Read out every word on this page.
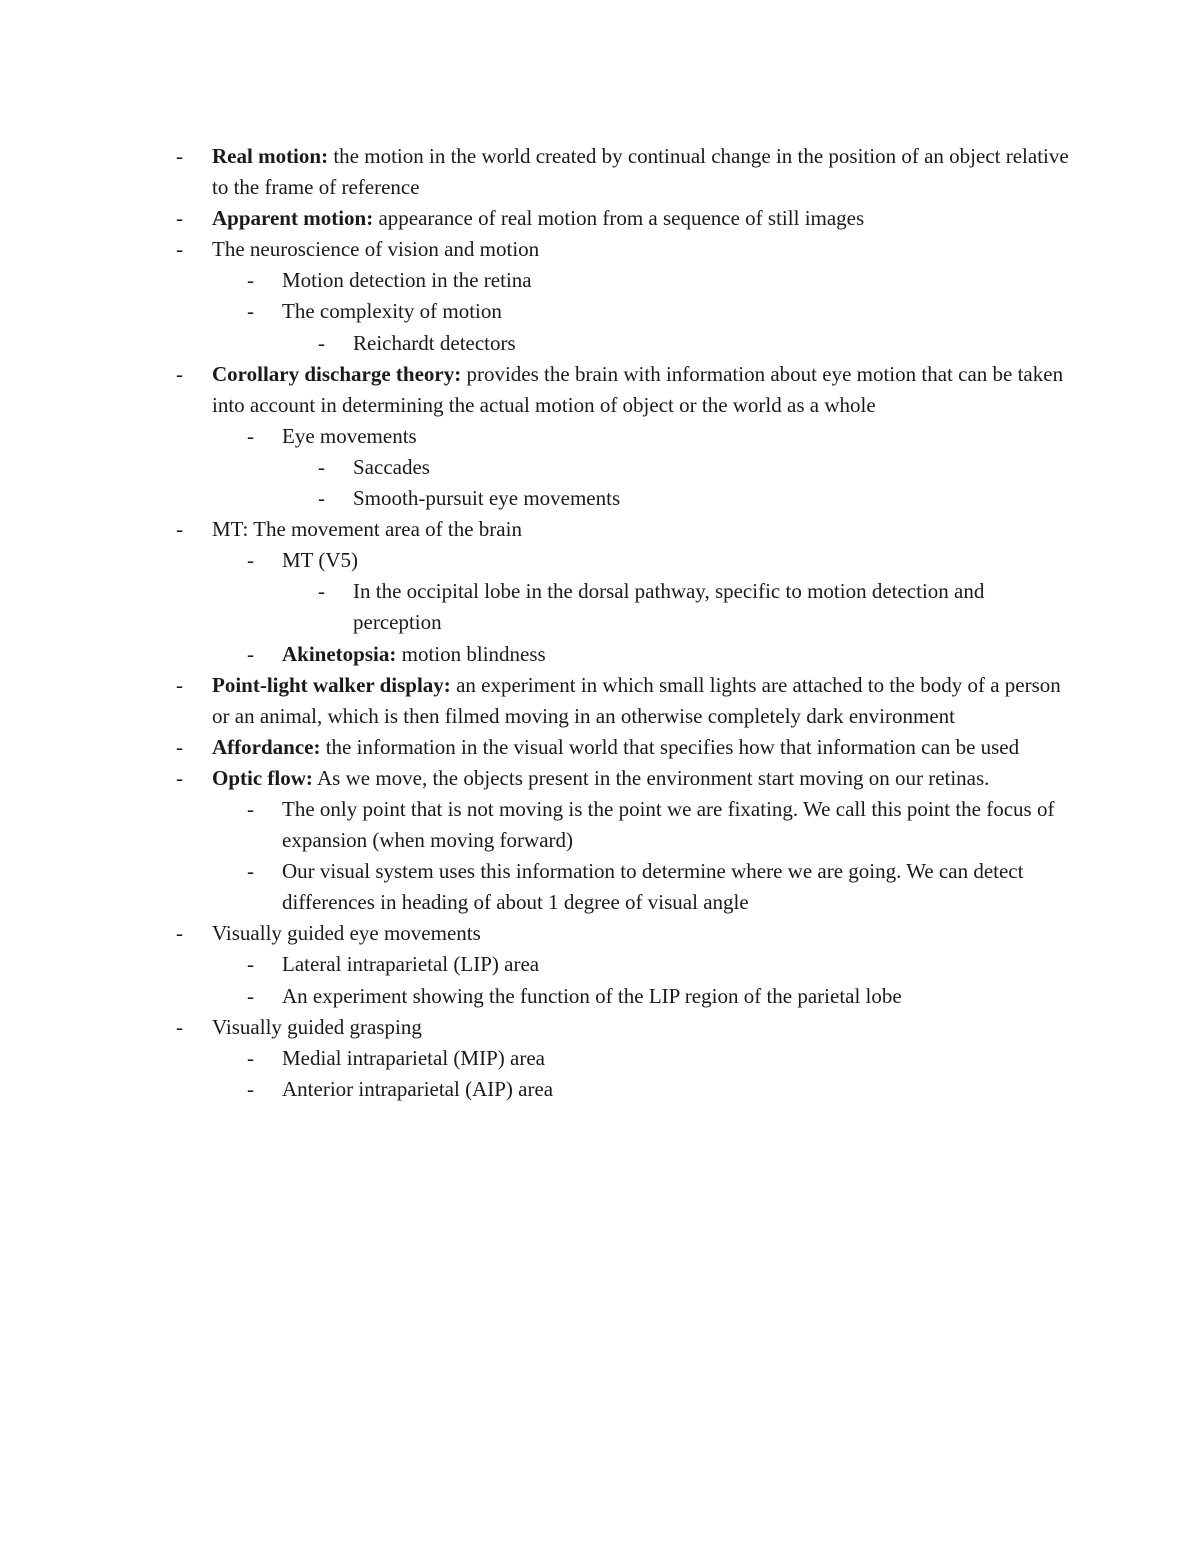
- Real motion: the motion in the world created by continual change in the position of an object relative to the frame of reference
- Apparent motion: appearance of real motion from a sequence of still images
- The neuroscience of vision and motion
- Motion detection in the retina
- The complexity of motion
- Reichardt detectors
- Corollary discharge theory: provides the brain with information about eye motion that can be taken into account in determining the actual motion of object or the world as a whole
- Eye movements
- Saccades
- Smooth-pursuit eye movements
- MT: The movement area of the brain
- MT (V5)
- In the occipital lobe in the dorsal pathway, specific to motion detection and perception
- Akinetopsia: motion blindness
- Point-light walker display: an experiment in which small lights are attached to the body of a person or an animal, which is then filmed moving in an otherwise completely dark environment
- Affordance: the information in the visual world that specifies how that information can be used
- Optic flow: As we move, the objects present in the environment start moving on our retinas.
- The only point that is not moving is the point we are fixating. We call this point the focus of expansion (when moving forward)
- Our visual system uses this information to determine where we are going. We can detect differences in heading of about 1 degree of visual angle
- Visually guided eye movements
- Lateral intraparietal (LIP) area
- An experiment showing the function of the LIP region of the parietal lobe
- Visually guided grasping
- Medial intraparietal (MIP) area
- Anterior intraparietal (AIP) area
